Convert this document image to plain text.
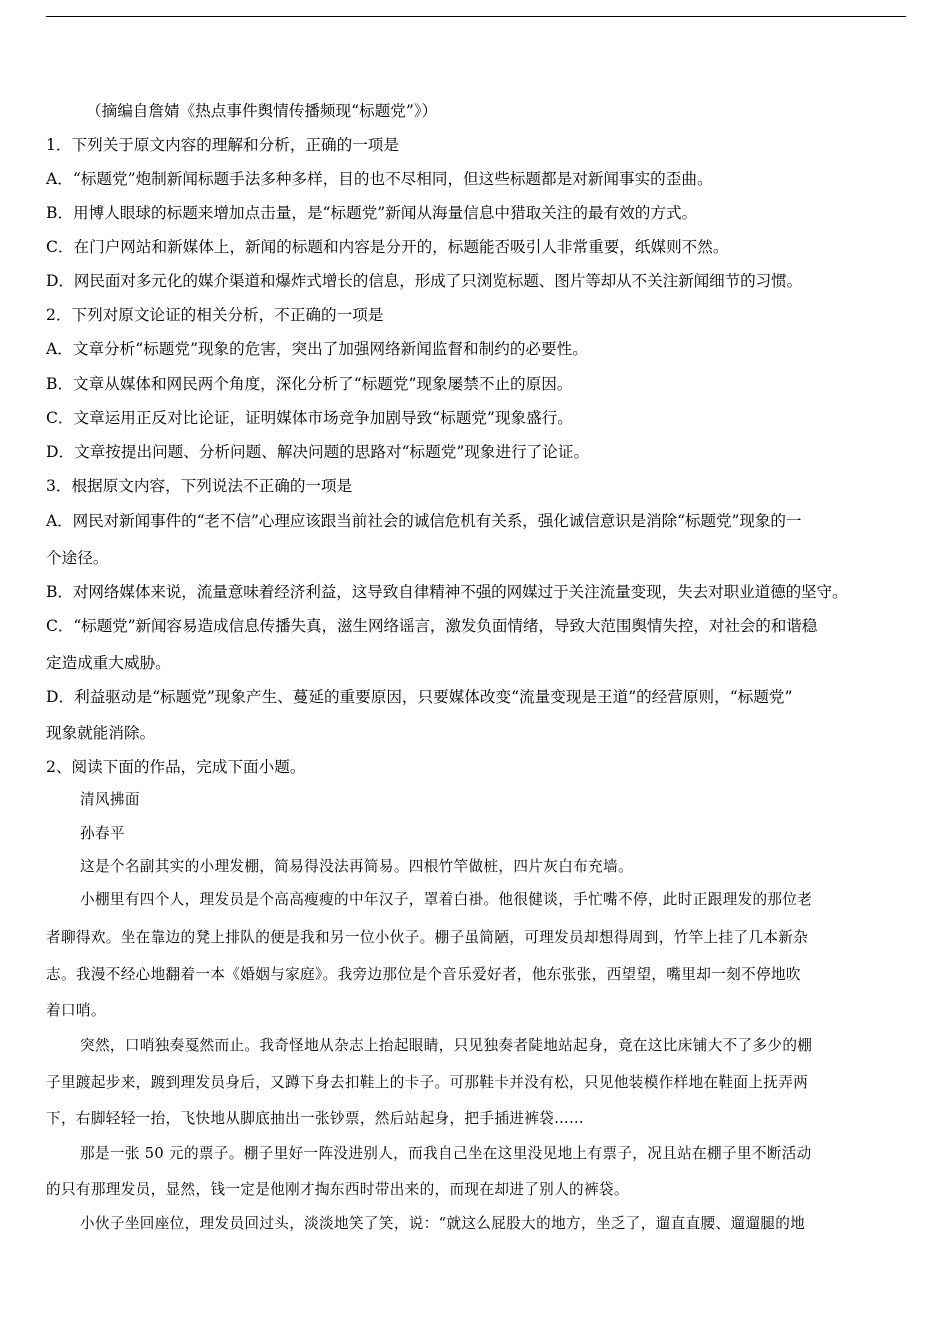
（摘编自詹婧《热点事件舆情传播频现“标题党”》）
1．下列关于原文内容的理解和分析，正确的一项是
A．“标题党”炮制新闻标题手法多种多样，目的也不尽相同，但这些标题都是对新闻事实的歪曲。
B．用博人眼球的标题来增加点击量，是“标题党”新闻从海量信息中猎取关注的最有效的方式。
C．在门户网站和新媒体上，新闻的标题和内容是分开的，标题能否吸引人非常重要，纸媒则不然。
D．网民面对多元化的媒介渠道和爆炸式增长的信息，形成了只浏览标题、图片等却从不关注新闻细节的习惯。
2．下列对原文论证的相关分析，不正确的一项是
A．文章分析“标题党”现象的危害，突出了加强网络新闻监督和制约的必要性。
B．文章从媒体和网民两个角度，深化分析了“标题党”现象屡禁不止的原因。
C．文章运用正反对比论证，证明媒体市场竞争加剧导致“标题党”现象盛行。
D．文章按提出问题、分析问题、解决问题的思路对“标题党”现象进行了论证。
3．根据原文内容，下列说法不正确的一项是
A．网民对新闻事件的“老不信”心理应该跟当前社会的诚信危机有关系，强化诚信意识是消除“标题党”现象的一
个途径。
B．对网络媒体来说，流量意味着经济利益，这导致自律精神不强的网媒过于关注流量变现，失去对职业道德的坚守。
C．“标题党”新闻容易造成信息传播失真，滋生网络谣言，激发负面情绪，导致大范围舆情失控，对社会的和谐稳
定造成重大威胁。
D．利益驱动是“标题党”现象产生、蔓延的重要原因，只要媒体改变“流量变现是王道”的经营原则，“标题党”
现象就能消除。
2、阅读下面的作品，完成下面小题。
清风拂面
孙春平
这是个名副其实的小理发棚，简易得没法再简易。四根竹竿做桩，四片灰白布充墙。
小棚里有四个人，理发员是个高高瘦瘦的中年汉子，罩着白褂。他很健谈，手忙嘴不停，此时正跟理发的那位老
者聊得欢。坐在靠边的凳上排队的便是我和另一位小伙子。棚子虽简陋，可理发员却想得周到，竹竿上挂了几本新杂
志。我漫不经心地翻着一本《婚姻与家庭》。我旁边那位是个音乐爱好者，他东张张，西望望，嘴里却一刻不停地吹
着口哨。
突然，口哨独奏戛然而止。我奇怪地从杂志上抬起眼睛，只见独奏者陡地站起身，竟在这比床铺大不了多少的棚
子里踱起步来，踱到理发员身后，又蹲下身去扣鞋上的卡子。可那鞋卡并没有松，只见他装模作样地在鞋面上抚弄两
下，右脚轻轻一抬，飞快地从脚底抽出一张钞票，然后站起身，把手插进裤袋……
那是一张 50 元的票子。棚子里好一阵没进别人，而我自己坐在这里没见地上有票子，况且站在棚子里不断活动
的只有那理发员，显然，钱一定是他刚才掏东西时带出来的，而现在却进了别人的裤袋。
小伙子坐回座位，理发员回过头，淡淡地笑了笑，说：“就这么屁股大的地方，坐乏了，遛直直腰、遛遛腿的地
